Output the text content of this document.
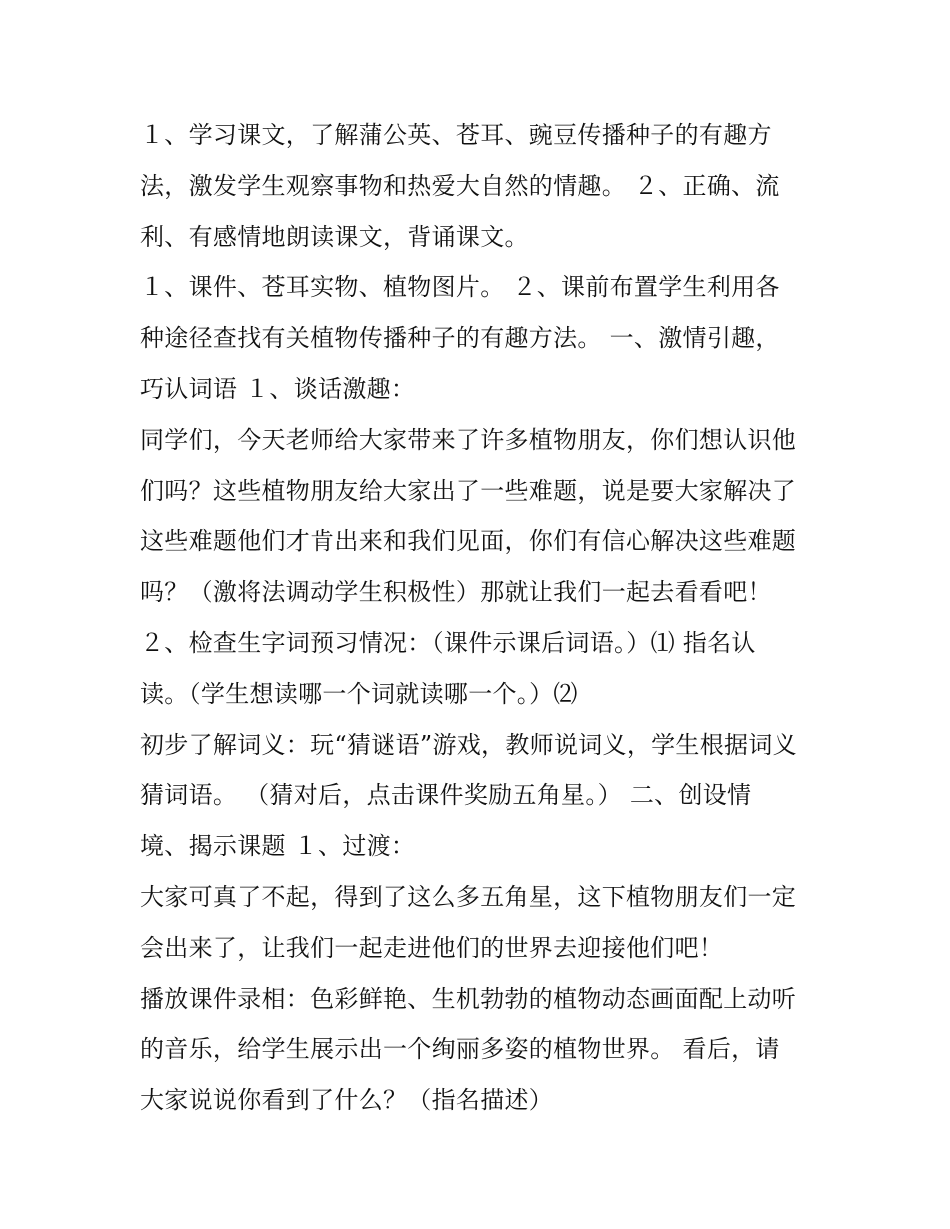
１、学习课文，了解蒲公英、苍耳、豌豆传播种子的有趣方
法，激发学生观察事物和热爱大自然的情趣。 ２、正确、流
利、有感情地朗读课文，背诵课文。
１、课件、苍耳实物、植物图片。 ２、课前布置学生利用各
种途径查找有关植物传播种子的有趣方法。 一、激情引趣，
巧认词语 １、谈话激趣：
同学们，今天老师给大家带来了许多植物朋友，你们想认识他
们吗？这些植物朋友给大家出了一些难题，说是要大家解决了
这些难题他们才肯出来和我们见面，你们有信心解决这些难题
吗？（激将法调动学生积极性）那就让我们一起去看看吧！
２、检查生字词预习情况：（课件示课后词语。）⑴ 指名认
读。（学生想读哪一个词就读哪一个。）⑵
初步了解词义：玩“猜谜语”游戏，教师说词义，学生根据词义
猜词语。 （猜对后，点击课件奖励五角星。） 二、创设情
境、揭示课题 １、过渡：
大家可真了不起，得到了这么多五角星，这下植物朋友们一定
会出来了，让我们一起走进他们的世界去迎接他们吧！
播放课件录相：色彩鲜艳、生机勃勃的植物动态画面配上动听
的音乐，给学生展示出一个绚丽多姿的植物世界。 看后，请
大家说说你看到了什么？（指名描述）
